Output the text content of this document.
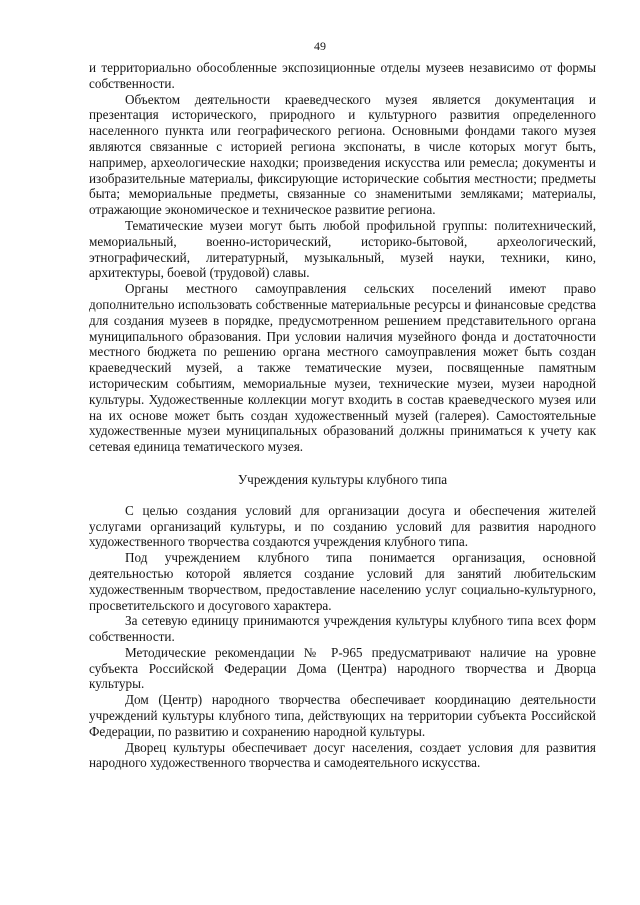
49

и территориально обособленные экспозиционные отделы музеев независимо от формы собственности.

Объектом деятельности краеведческого музея является документация и презентация исторического, природного и культурного развития определенного населенного пункта или географического региона. Основными фондами такого музея являются связанные с историей региона экспонаты, в числе которых могут быть, например, археологические находки; произведения искусства или ремесла; документы и изобразительные материалы, фиксирующие исторические события местности; предметы быта; мемориальные предметы, связанные со знаменитыми земляками; материалы, отражающие экономическое и техническое развитие региона.

Тематические музеи могут быть любой профильной группы: политехнический, мемориальный, военно-исторический, историко-бытовой, археологический, этнографический, литературный, музыкальный, музей науки, техники, кино, архитектуры, боевой (трудовой) славы.

Органы местного самоуправления сельских поселений имеют право дополнительно использовать собственные материальные ресурсы и финансовые средства для создания музеев в порядке, предусмотренном решением представительного органа муниципального образования. При условии наличия музейного фонда и достаточности местного бюджета по решению органа местного самоуправления может быть создан краеведческий музей, а также тематические музеи, посвященные памятным историческим событиям, мемориальные музеи, технические музеи, музеи народной культуры. Художественные коллекции могут входить в состав краеведческого музея или на их основе может быть создан художественный музей (галерея). Самостоятельные художественные музеи муниципальных образований должны приниматься к учету как сетевая единица тематического музея.

Учреждения культуры клубного типа

С целью создания условий для организации досуга и обеспечения жителей услугами организаций культуры, и по созданию условий для развития народного художественного творчества создаются учреждения клубного типа.

Под учреждением клубного типа понимается организация, основной деятельностью которой является создание условий для занятий любительским художественным творчеством, предоставление населению услуг социально-культурного, просветительского и досугового характера.

За сетевую единицу принимаются учреждения культуры клубного типа всех форм собственности.

Методические рекомендации № Р-965 предусматривают наличие на уровне субъекта Российской Федерации Дома (Центра) народного творчества и Дворца культуры.

Дом (Центр) народного творчества обеспечивает координацию деятельности учреждений культуры клубного типа, действующих на территории субъекта Российской Федерации, по развитию и сохранению народной культуры.

Дворец культуры обеспечивает досуг населения, создает условия для развития народного художественного творчества и самодеятельного искусства.
